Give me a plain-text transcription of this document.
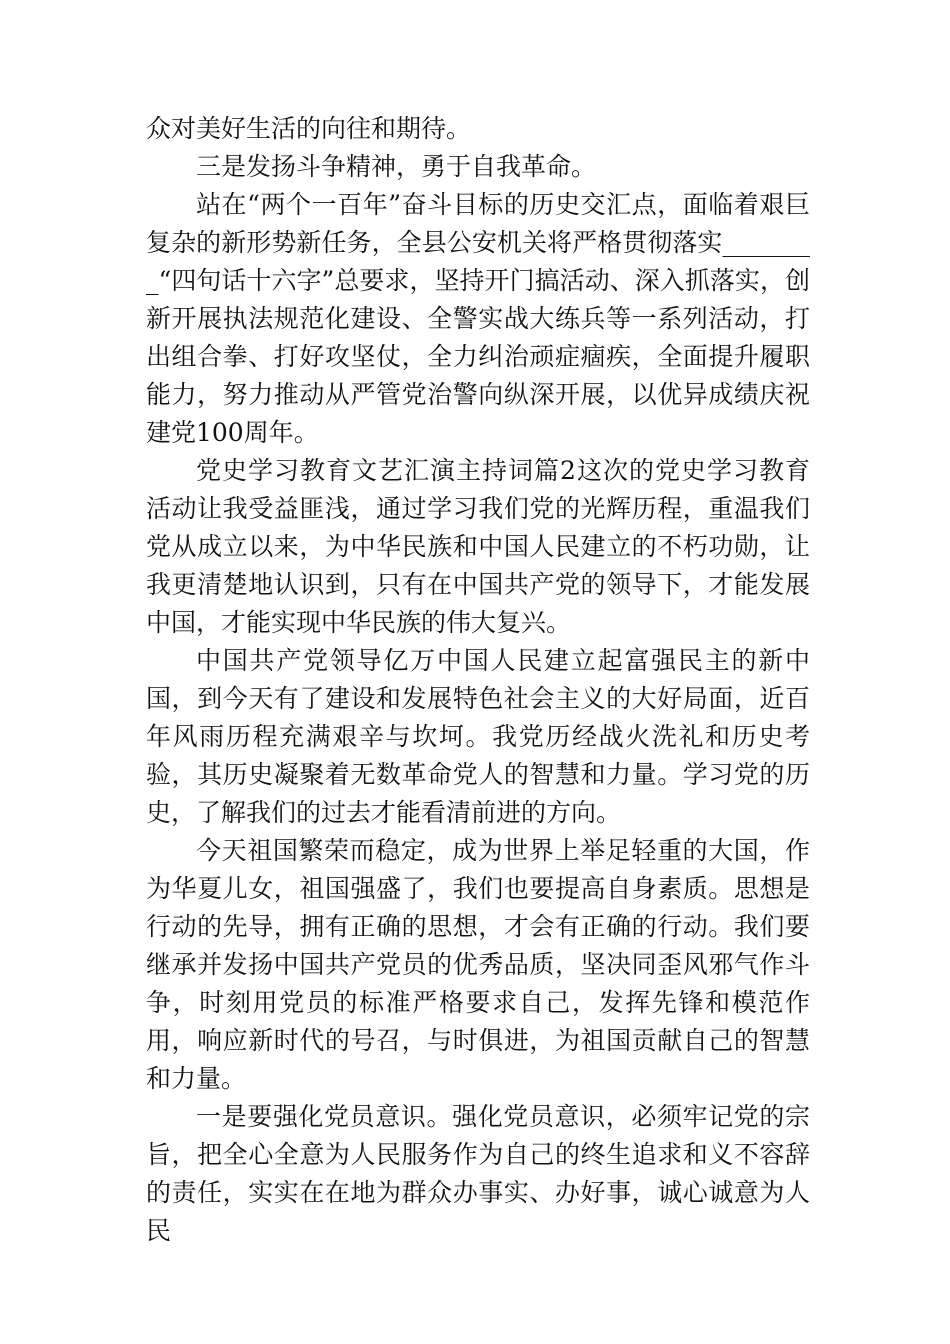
众对美好生活的向往和期待。

三是发扬斗争精神，勇于自我革命。

站在“两个一百年”奋斗目标的历史交汇点，面临着艰巨复杂的新形势新任务，全县公安机关将严格贯彻落实________“四句话十六字”总要求，坚持开门搞活动、深入抓落实，创新开展执法规范化建设、全警实战大练兵等一系列活动，打出组合拳、打好攻坚仗，全力纠治顽症痼疾，全面提升履职能力，努力推动从严管党治警向纵深开展，以优异成绩庆祝建党100周年。

党史学习教育文艺汇演主持词篇2这次的党史学习教育活动让我受益匪浅，通过学习我们党的光辉历程，重温我们党从成立以来，为中华民族和中国人民建立的不朽功勋，让我更清楚地认识到，只有在中国共产党的领导下，才能发展中国，才能实现中华民族的伟大复兴。

中国共产党领导亿万中国人民建立起富强民主的新中国，到今天有了建设和发展特色社会主义的大好局面，近百年风雨历程充满艰辛与坎坷。我党历经战火洗礼和历史考验，其历史凝聚着无数革命党人的智慧和力量。学习党的历史，了解我们的过去才能看清前进的方向。

今天祖国繁荣而稳定，成为世界上举足轻重的大国，作为华夏儿女，祖国强盛了，我们也要提高自身素质。思想是行动的先导，拥有正确的思想，才会有正确的行动。我们要继承并发扬中国共产党员的优秀品质，坚决同歪风邪气作斗争，时刻用党员的标准严格要求自己，发挥先锋和模范作用，响应新时代的号召，与时俱进，为祖国贡献自己的智慧和力量。

一是要强化党员意识。强化党员意识，必须牢记党的宗旨，把全心全意为人民服务作为自己的终生追求和义不容辞的责任，实实在在地为群众办事实、办好事，诚心诚意为人民
